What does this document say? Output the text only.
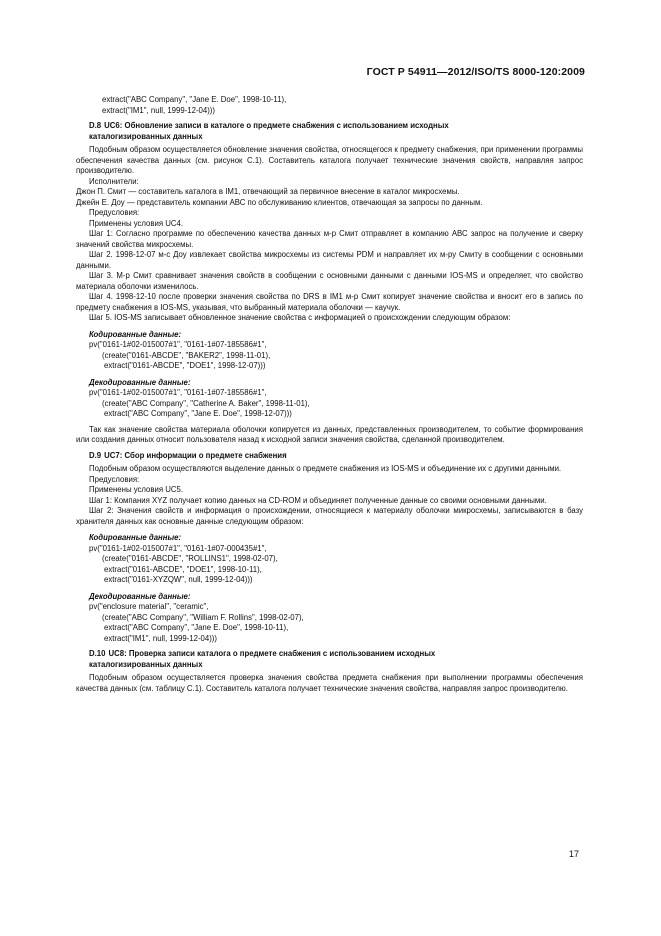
ГОСТ Р 54911—2012/ISO/TS 8000-120:2009
extract("ABC Company", "Jane E. Doe", 1998-10-11),
extract("IM1", null, 1999-12-04)))
D.8 UC6: Обновление записи в каталоге о предмете снабжения с использованием исходных
каталогизированных данных

Подобным образом осуществляется обновление значения свойства, относящегося к предмету снабжения, при применении программы обеспечения качества данных (см. рисунок С.1). Составитель каталога получает технические значения свойств, направляя запрос производителю.

Исполнители:

Джон П. Смит — составитель каталога в IM1, отвечающий за первичное внесение в каталог микросхемы.

Джейн Е. Доу — представитель компании АВС по обслуживанию клиентов, отвечающая за запросы по данным.

Предусловия:

Применены условия UC4.

Шаг 1: Согласно программе по обеспечению качества данных м-р Смит отправляет в компанию АВС запрос на получение и сверку значений свойства микросхемы.

Шаг 2. 1998-12-07 м-с Доу извлекает свойства микросхемы из системы PDM и направляет их м-ру Смиту в сообщении с основными данными.

Шаг 3. М-р Смит сравнивает значения свойств в сообщении с основными данными с данными IOS-MS и определяет, что свойство материала оболочки изменилось.

Шаг 4. 1998-12-10 после проверки значения свойства по DRS в IM1 м-р Смит копирует значение свойства и вносит его в запись по предмету снабжения в IOS-MS, указывая, что выбранный материала оболочки — каучук.

Шаг 5. IOS-MS записывает обновленное значение свойства с информацией о происхождении следующим образом:

Кодированные данные:
pv("0161-1#02-015007#1", "0161-1#07-185586#1",
(create("0161-ABCDE", "BAKER2", 1998-11-01),
extract("0161-ABCDE", "DOE1", 1998-12-07)))
Декодированные данные:
pv("0161-1#02-015007#1", "0161-1#07-185586#1",
(create("ABC Company", "Catherine A. Baker", 1998-11-01),
extract("ABC Company", "Jane E. Doe", 1998-12-07)))

Так как значение свойства материала оболочки копируется из данных, представленных производителем, то событие формирования или создания данных относит пользователя назад к исходной записи значения свойства, сделанной производителем.

D.9 UC7: Сбор информации о предмете снабжения

Подобным образом осуществляются выделение данных о предмете снабжения из IOS-MS и объединение их с другими данными.

Предусловия:

Применены условия UC5.

Шаг 1: Компания XYZ получает копию данных на CD-ROM и объединяет полученные данные со своими основными данными.

Шаг 2: Значения свойств и информация о происхождении, относящиеся к материалу оболочки микросхемы, записываются в базу хранителя данных как основные данные следующим образом:

Кодированные данные:
pv("0161-1#02-015007#1", "0161-1#07-000435#1",
(create("0161-ABCDE", "ROLLINS1", 1998-02-07),
extract("0161-ABCDE", "DOE1", 1998-10-11),
extract("0161-XYZQW", null, 1999-12-04)))
Декодированные данные:
pv("enclosure material", "ceramic",
(create("ABC Company", "William F. Rollins", 1998-02-07),
extract("ABC Company", "Jane E. Doe", 1998-10-11),
extract("IM1", null, 1999-12-04)))
D.10 UC8: Проверка записи каталога о предмете снабжения с использованием исходных
каталогизированных данных

Подобным образом осуществляется проверка значения свойства предмета снабжения при выполнении программы обеспечения качества данных (см. таблицу С.1). Составитель каталога получает технические значения свойства, направляя запрос производителю.

17
